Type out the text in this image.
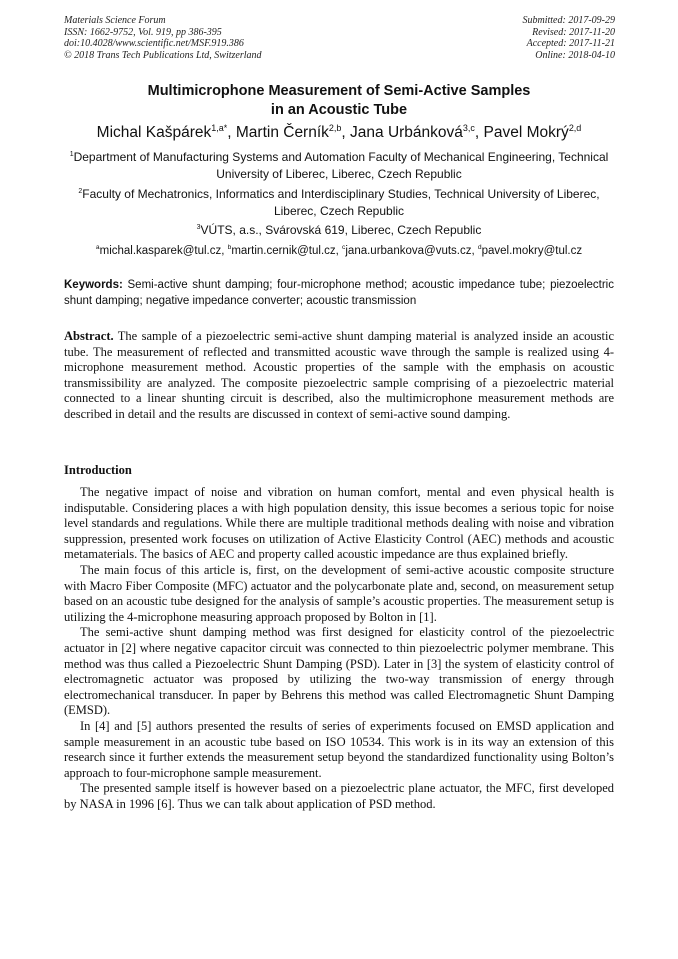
Materials Science Forum
ISSN: 1662-9752, Vol. 919, pp 386-395
doi:10.4028/www.scientific.net/MSF.919.386
© 2018 Trans Tech Publications Ltd, Switzerland
Submitted: 2017-09-29
Revised: 2017-11-20
Accepted: 2017-11-21
Online: 2018-04-10
Multimicrophone Measurement of Semi-Active Samples
in an Acoustic Tube
Michal Kašpárek$^{1,a*}$, Martin Černík$^{2,b}$, Jana Urbánková$^{3,c}$, Pavel Mokrý$^{2,d}$
$^1$Department of Manufacturing Systems and Automation Faculty of Mechanical Engineering, Technical University of Liberec, Liberec, Czech Republic
$^2$Faculty of Mechatronics, Informatics and Interdisciplinary Studies, Technical University of Liberec, Liberec, Czech Republic
$^3$VÚTS, a.s., Svárovská 619, Liberec, Czech Republic
$^a$michal.kasparek@tul.cz, $^b$martin.cernik@tul.cz, $^c$jana.urbankova@vuts.cz, $^d$pavel.mokry@tul.cz
Keywords: Semi-active shunt damping; four-microphone method; acoustic impedance tube; piezoelectric shunt damping; negative impedance converter; acoustic transmission
Abstract. The sample of a piezoelectric semi-active shunt damping material is analyzed inside an acoustic tube. The measurement of reflected and transmitted acoustic wave through the sample is realized using 4-microphone measurement method. Acoustic properties of the sample with the emphasis on acoustic transmissibility are analyzed. The composite piezoelectric sample comprising of a piezoelectric material connected to a linear shunting circuit is described, also the multimicrophone measurement methods are described in detail and the results are discussed in context of semi-active sound damping.
Introduction

The negative impact of noise and vibration on human comfort, mental and even physical health is indisputable. Considering places a with high population density, this issue becomes a serious topic for noise level standards and regulations. While there are multiple traditional methods dealing with noise and vibration suppression, presented work focuses on utilization of Active Elasticity Control (AEC) methods and acoustic metamaterials. The basics of AEC and property called acoustic impedance are thus explained briefly.

The main focus of this article is, first, on the development of semi-active acoustic composite structure with Macro Fiber Composite (MFC) actuator and the polycarbonate plate and, second, on measurement setup based on an acoustic tube designed for the analysis of sample’s acoustic properties. The measurement setup is utilizing the 4-microphone measuring approach proposed by Bolton in [1].

The semi-active shunt damping method was first designed for elasticity control of the piezoelectric actuator in [2] where negative capacitor circuit was connected to thin piezoelectric polymer membrane. This method was thus called a Piezoelectric Shunt Damping (PSD). Later in [3] the system of elasticity control of electromagnetic actuator was proposed by utilizing the two-way transmission of energy through electromechanical transducer. In paper by Behrens this method was called Electromagnetic Shunt Damping (EMSD).

In [4] and [5] authors presented the results of series of experiments focused on EMSD application and sample measurement in an acoustic tube based on ISO 10534. This work is in its way an extension of this research since it further extends the measurement setup beyond the standardized functionality using Bolton’s approach to four-microphone sample measurement.

The presented sample itself is however based on a piezoelectric plane actuator, the MFC, first developed by NASA in 1996 [6]. Thus we can talk about application of PSD method.
